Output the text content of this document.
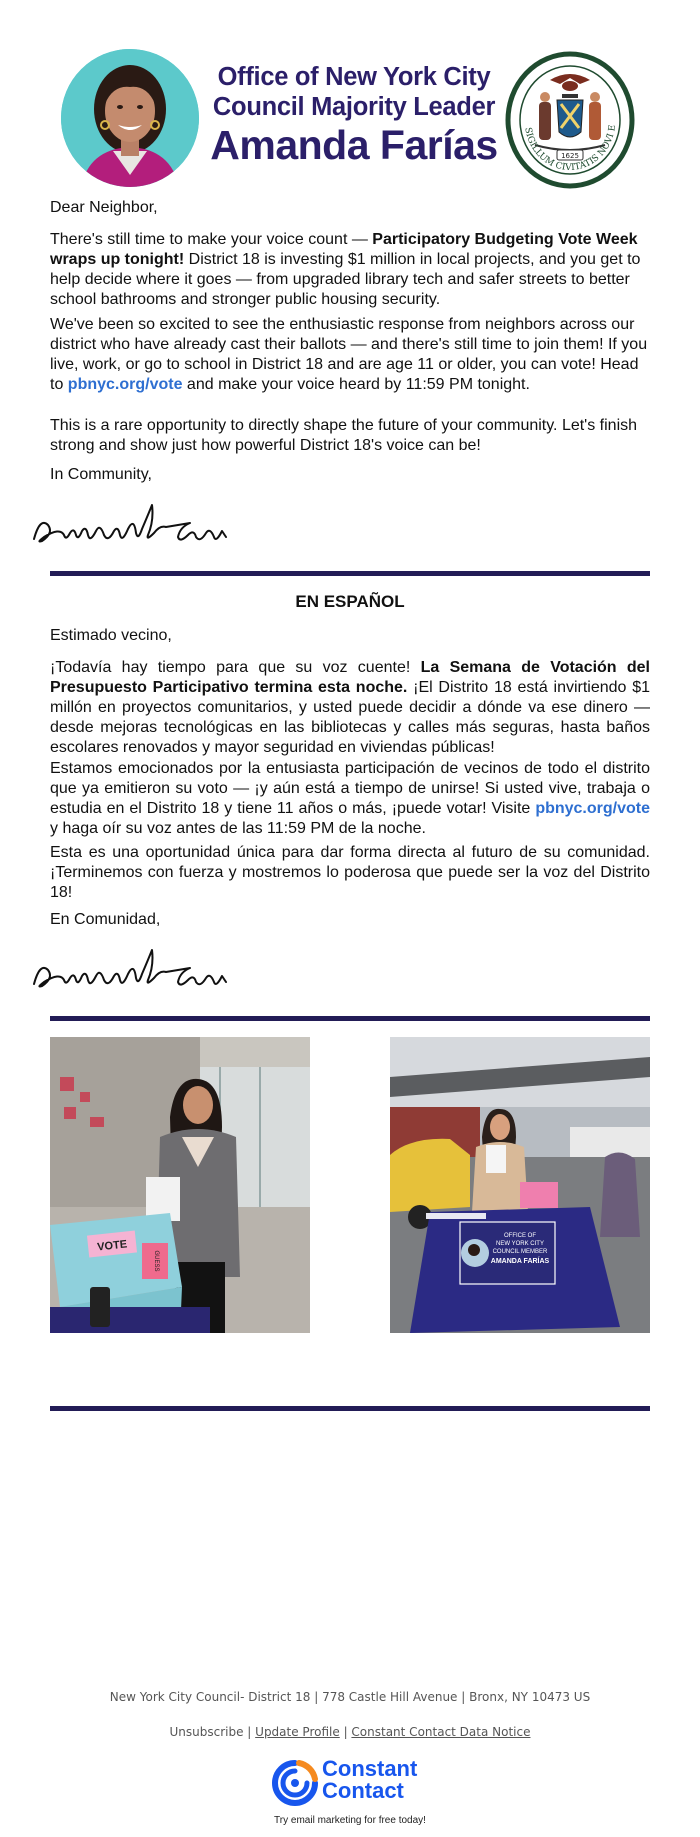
Office of New York City
Council Majority Leader
Amanda Farías	1625
SIGILLUM CIVITATIS NOVI E

Dear Neighbor,

There's still time to make your voice count — Participatory Budgeting Vote Week wraps up tonight! District 18 is investing $1 million in local projects, and you get to help decide where it goes — from upgraded library tech and safer streets to better school bathrooms and stronger public housing security.

We've been so excited to see the enthusiastic response from neighbors across our district who have already cast their ballots — and there's still time to join them! If you live, work, or go to school in District 18 and are age 11 or older, you can vote! Head to pbnyc.org/vote and make your voice heard by 11:59 PM tonight.

This is a rare opportunity to directly shape the future of your community. Let's finish strong and show just how powerful District 18's voice can be!

In Community,

EN ESPAÑOL

Estimado vecino,

¡Todavía hay tiempo para que su voz cuente! La Semana de Votación del Presupuesto Participativo termina esta noche. ¡El Distrito 18 está invirtiendo $1 millón en proyectos comunitarios, y usted puede decidir a dónde va ese dinero — desde mejoras tecnológicas en las bibliotecas y calles más seguras, hasta baños escolares renovados y mayor seguridad en viviendas públicas!

Estamos emocionados por la entusiasta participación de vecinos de todo el distrito que ya emitieron su voto — ¡y aún está a tiempo de unirse! Si usted vive, trabaja o estudia en el Distrito 18 y tiene 11 años o más, ¡puede votar! Visite pbnyc.org/vote y haga oír su voz antes de las 11:59 PM de la noche.

Esta es una oportunidad única para dar forma directa al futuro de su comunidad. ¡Terminemos con fuerza y mostremos lo poderosa que puede ser la voz del Distrito 18!

En Comunidad,

VOTE
GUESS
OFFICE OF
NEW YORK CITY
COUNCIL MEMBER
AMANDA FARÍAS
New York City Council- District 18 | 778 Castle Hill Avenue | Bronx, NY 10473 US
Unsubscribe | Update Profile | Constant Contact Data Notice
Constant
Contact
Try email marketing for free today!
